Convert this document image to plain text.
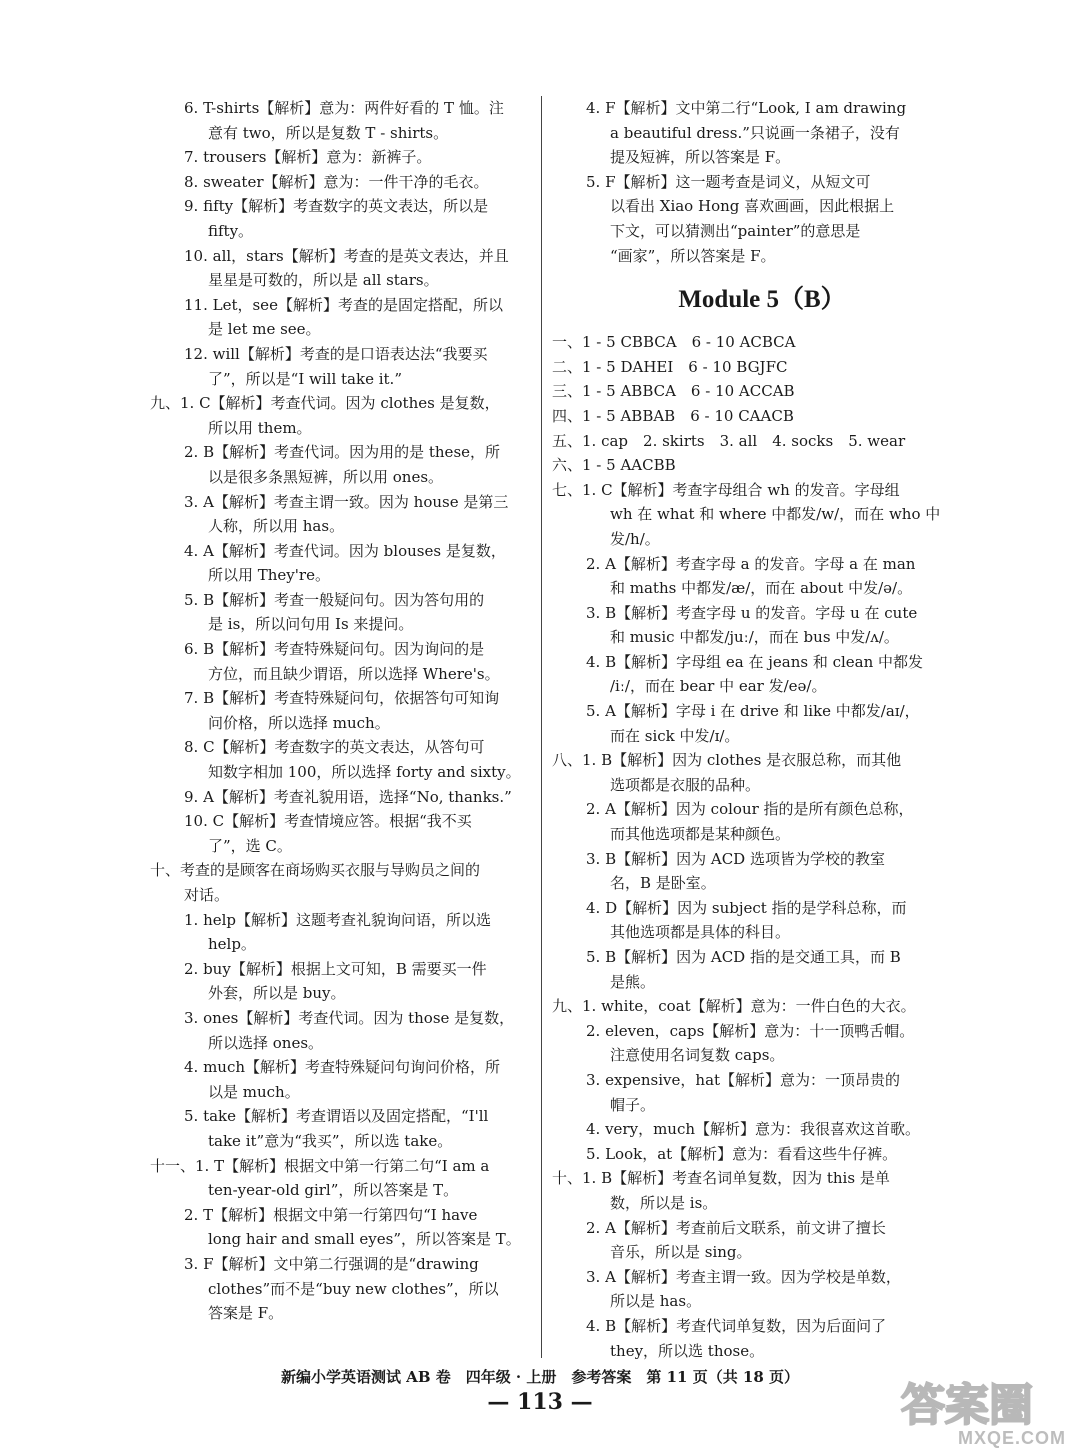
6. T-shirts【解析】意为：两件好看的 T 恤。注
意有 two，所以是复数 T - shirts。
7. trousers【解析】意为：新裤子。
8. sweater【解析】意为：一件干净的毛衣。
9. fifty【解析】考查数字的英文表达，所以是
fifty。
10. all，stars【解析】考查的是英文表达，并且
星星是可数的，所以是 all stars。
11. Let，see【解析】考查的是固定搭配，所以
是 let me see。
12. will【解析】考查的是口语表达法“我要买
了”，所以是“I will take it.”
九、1. C【解析】考查代词。因为 clothes 是复数，
所以用 them。
2. B【解析】考查代词。因为用的是 these，所
以是很多条黑短裤，所以用 ones。
3. A【解析】考查主谓一致。因为 house 是第三
人称，所以用 has。
4. A【解析】考查代词。因为 blouses 是复数，
所以用 They're。
5. B【解析】考查一般疑问句。因为答句用的
是 is，所以问句用 Is 来提问。
6. B【解析】考查特殊疑问句。因为询问的是
方位，而且缺少谓语，所以选择 Where's。
7. B【解析】考查特殊疑问句，依据答句可知询
问价格，所以选择 much。
8. C【解析】考查数字的英文表达，从答句可
知数字相加 100，所以选择 forty and sixty。
9. A【解析】考查礼貌用语，选择“No, thanks.”
10. C【解析】考查情境应答。根据“我不买
了”，选 C。
十、考查的是顾客在商场购买衣服与导购员之间的
对话。
1. help【解析】这题考查礼貌询问语，所以选
help。
2. buy【解析】根据上文可知，B 需要买一件
外套，所以是 buy。
3. ones【解析】考查代词。因为 those 是复数，
所以选择 ones。
4. much【解析】考查特殊疑问句询问价格，所
以是 much。
5. take【解析】考查谓语以及固定搭配，“I'll
take it”意为“我买”，所以选 take。
十一、1. T【解析】根据文中第一行第二句“I am a
ten-year-old girl”，所以答案是 T。
2. T【解析】根据文中第一行第四句“I have
long hair and small eyes”，所以答案是 T。
3. F【解析】文中第二行强调的是“drawing
clothes”而不是“buy new clothes”，所以
答案是 F。
4. F【解析】文中第二行“Look, I am drawing
a beautiful dress.”只说画一条裙子，没有
提及短裤，所以答案是 F。
5. F【解析】这一题考查是词义，从短文可
以看出 Xiao Hong 喜欢画画，因此根据上
下文，可以猜测出“painter”的意思是
“画家”，所以答案是 F。
Module 5（B）
一、1 - 5 CBBCA　6 - 10 ACBCA
二、1 - 5 DAHEI　6 - 10 BGJFC
三、1 - 5 ABBCA　6 - 10 ACCAB
四、1 - 5 ABBAB　6 - 10 CAACB
五、1. cap　2. skirts　3. all　4. socks　5. wear
六、1 - 5 AACBB
七、1. C【解析】考查字母组合 wh 的发音。字母组
wh 在 what 和 where 中都发/w/，而在 who 中
发/h/。
2. A【解析】考查字母 a 的发音。字母 a 在 man
和 maths 中都发/æ/，而在 about 中发/ə/。
3. B【解析】考查字母 u 的发音。字母 u 在 cute
和 music 中都发/juː/，而在 bus 中发/ʌ/。
4. B【解析】字母组 ea 在 jeans 和 clean 中都发
/iː/，而在 bear 中 ear 发/eə/。
5. A【解析】字母 i 在 drive 和 like 中都发/aɪ/，
而在 sick 中发/ɪ/。
八、1. B【解析】因为 clothes 是衣服总称，而其他
选项都是衣服的品种。
2. A【解析】因为 colour 指的是所有颜色总称，
而其他选项都是某种颜色。
3. B【解析】因为 ACD 选项皆为学校的教室
名，B 是卧室。
4. D【解析】因为 subject 指的是学科总称，而
其他选项都是具体的科目。
5. B【解析】因为 ACD 指的是交通工具，而 B
是熊。
九、1. white，coat【解析】意为：一件白色的大衣。
2. eleven，caps【解析】意为：十一顶鸭舌帽。
注意使用名词复数 caps。
3. expensive，hat【解析】意为：一顶昂贵的
帽子。
4. very，much【解析】意为：我很喜欢这首歌。
5. Look，at【解析】意为：看看这些牛仔裤。
十、1. B【解析】考查名词单复数，因为 this 是单
数，所以是 is。
2. A【解析】考查前后文联系，前文讲了擅长
音乐，所以是 sing。
3. A【解析】考查主谓一致。因为学校是单数，
所以是 has。
4. B【解析】考查代词单复数，因为后面问了
they，所以选 those。
新编小学英语测试 AB 卷　四年级 · 上册　参考答案　第 11 页（共 18 页）
— 113 —	答案圈
MXQE.COM
